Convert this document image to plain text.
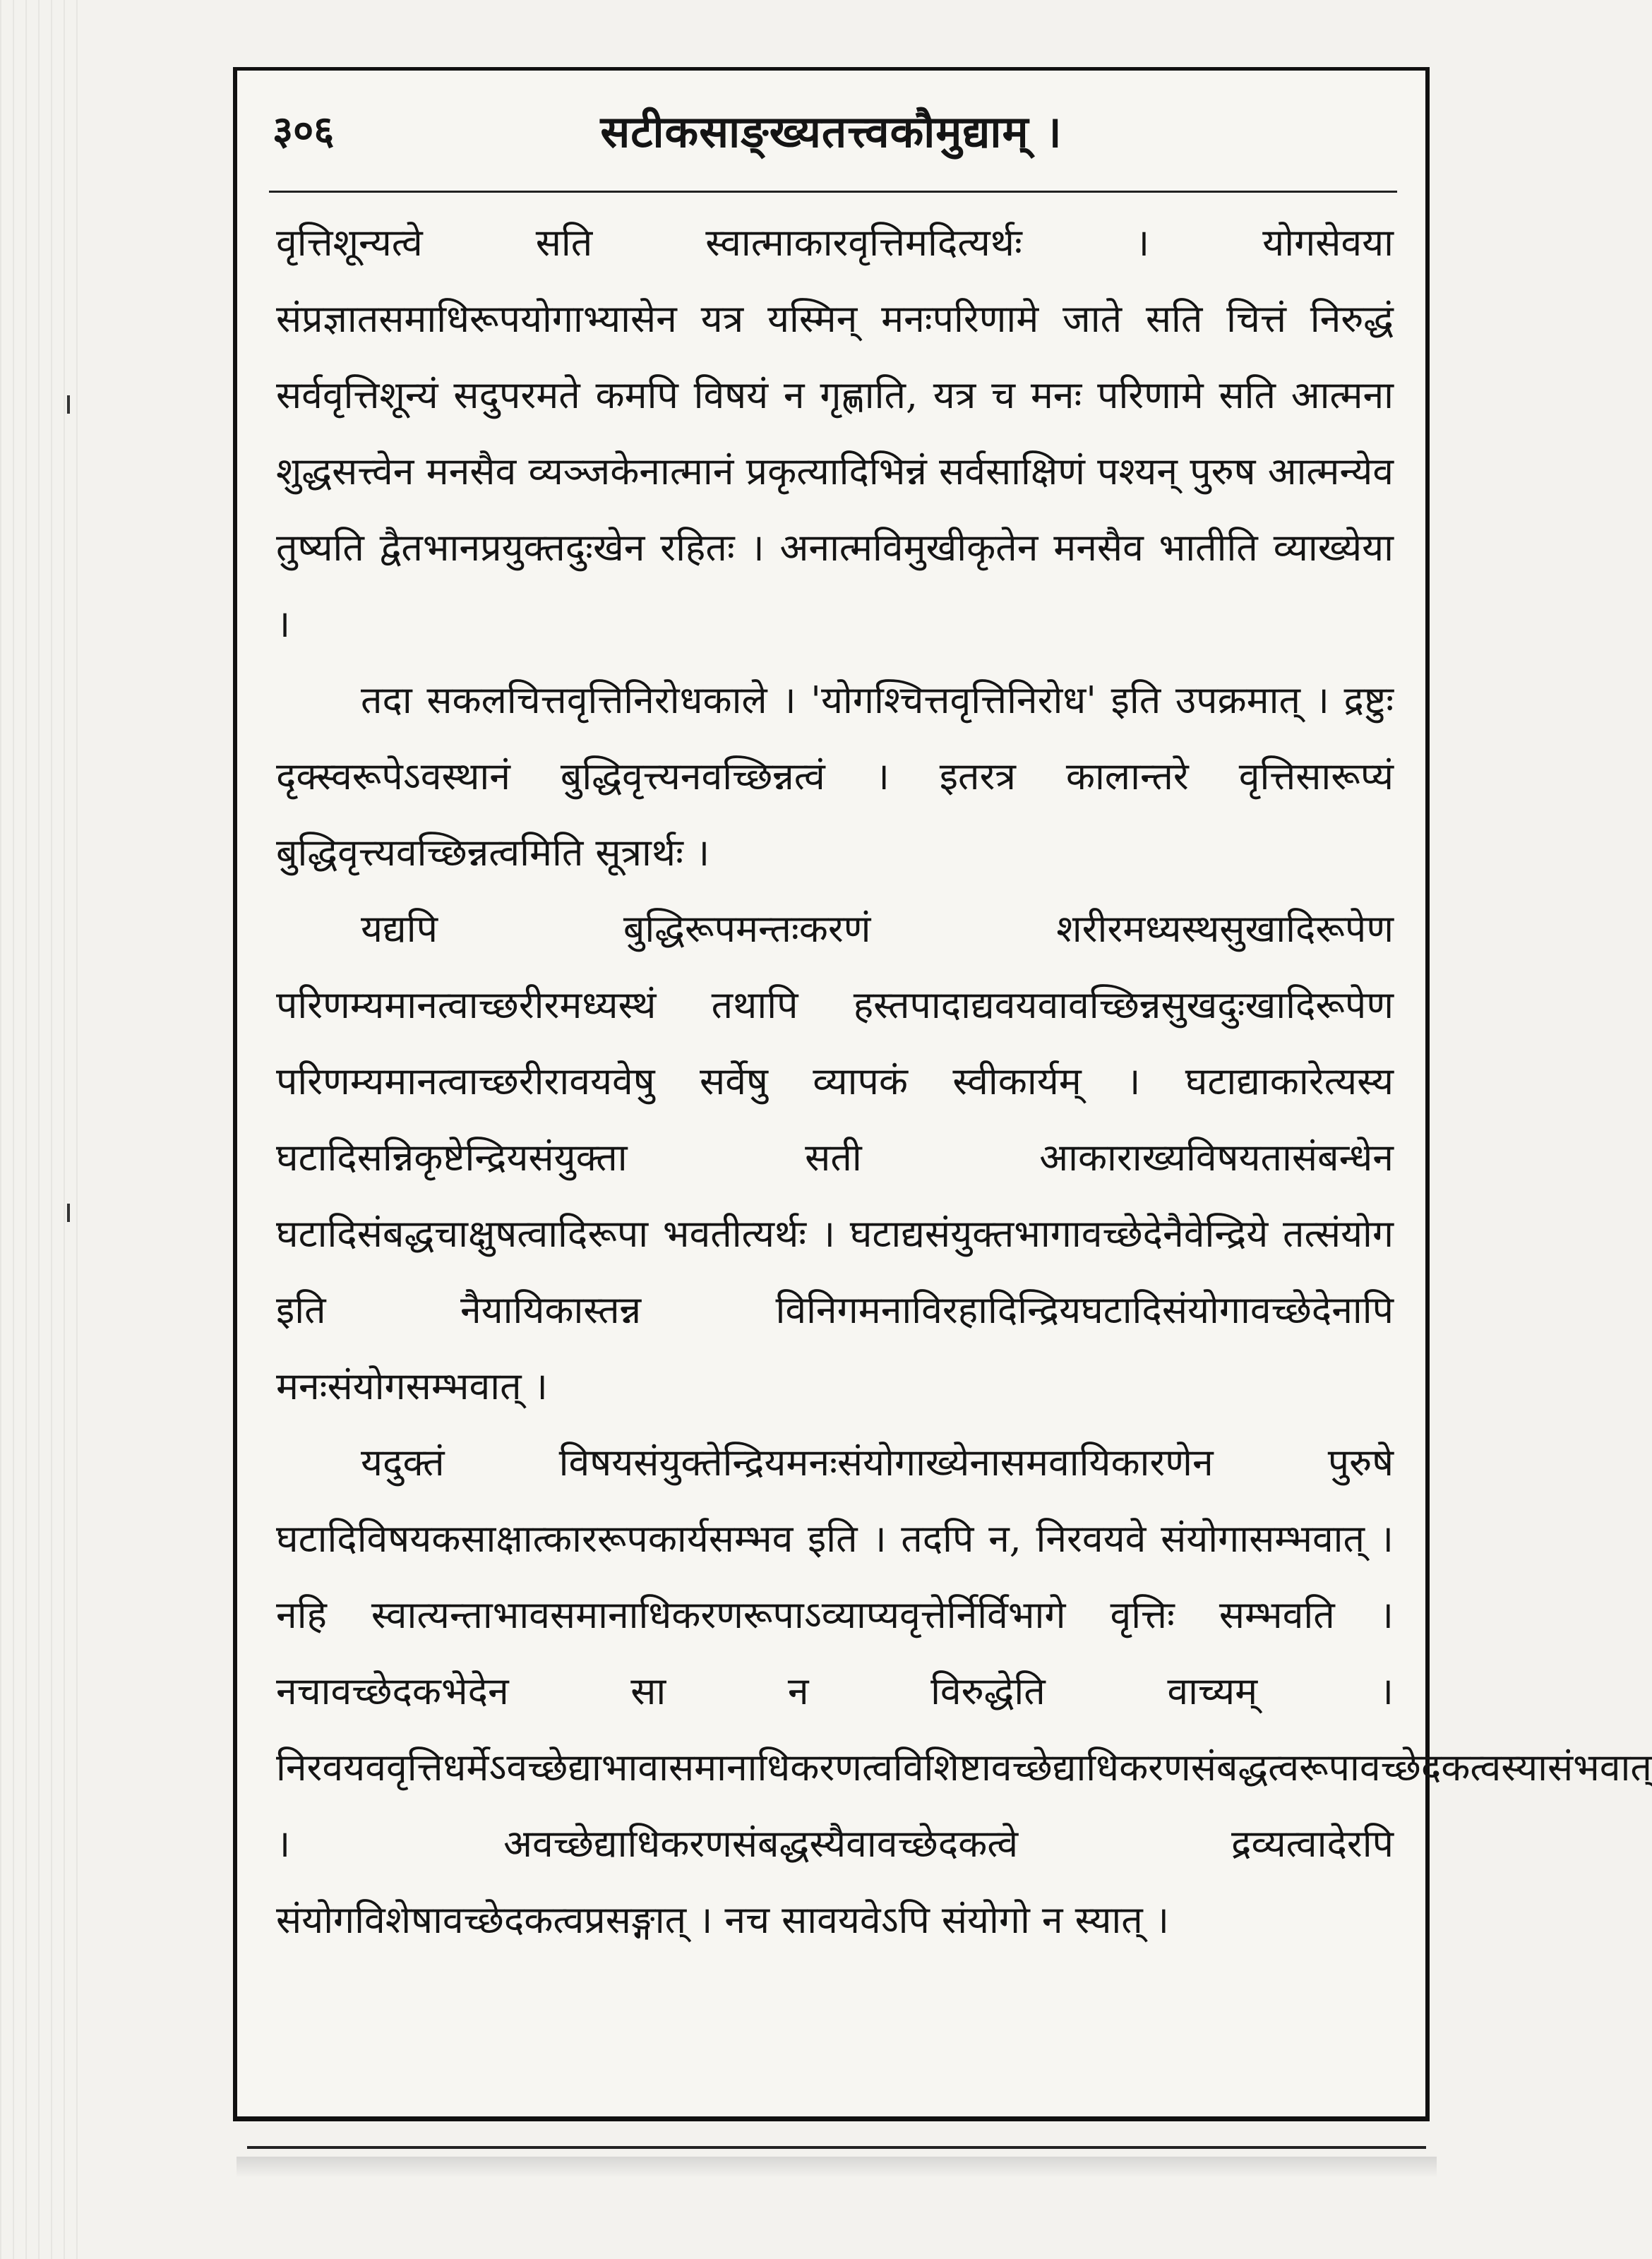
३०६	सटीकसाङ्ख्यतत्त्वकौमुद्याम् ।

वृत्तिशून्यत्वे सति स्वात्माकारवृत्तिमदित्यर्थः । योगसेवया संप्रज्ञातसमाधिरूपयोगाभ्यासेन यत्र यस्मिन् मनःपरिणामे जाते सति चित्तं निरुद्धं सर्ववृत्तिशून्यं सदुपरमते कमपि विषयं न गृह्णाति, यत्र च मनः परिणामे सति आत्मना शुद्धसत्त्वेन मनसैव व्यञ्जकेनात्मानं प्रकृत्यादिभिन्नं सर्वसाक्षिणं पश्यन् पुरुष आत्मन्येव तुष्यति द्वैतभानप्रयुक्तदुःखेन रहितः । अनात्मविमुखीकृतेन मनसैव भातीति व्याख्येया ।

तदा सकलचित्तवृत्तिनिरोधकाले । 'योगश्चित्तवृत्तिनिरोध' इति उपक्रमात् । द्रष्टुः दृक्स्वरूपेऽवस्थानं बुद्धिवृत्त्यनवच्छिन्नत्वं । इतरत्र कालान्तरे वृत्तिसारूप्यं बुद्धिवृत्त्यवच्छिन्नत्वमिति सूत्रार्थः ।

यद्यपि बुद्धिरूपमन्तःकरणं शरीरमध्यस्थसुखादिरूपेण परिणम्यमानत्वाच्छरीरमध्यस्थं तथापि हस्तपादाद्यवयवावच्छिन्नसुखदुःखादिरूपेण परिणम्यमानत्वाच्छरीरावयवेषु सर्वेषु व्यापकं स्वीकार्यम् । घटाद्याकारेत्यस्य घटादिसन्निकृष्टेन्द्रियसंयुक्ता सती आकाराख्यविषयतासंबन्धेन घटादिसंबद्धचाक्षुषत्वादिरूपा भवतीत्यर्थः । घटाद्यसंयुक्तभागावच्छेदेनैवेन्द्रिये तत्संयोग इति नैयायिकास्तन्न विनिगमनाविरहादिन्द्रियघटादिसंयोगावच्छेदेनापि मनःसंयोगसम्भवात् ।

यदुक्तं विषयसंयुक्तेन्द्रियमनःसंयोगाख्येनासमवायिकारणेन पुरुषे घटादिविषयकसाक्षात्काररूपकार्यसम्भव इति । तदपि न, निरवयवे संयोगासम्भवात् । नहि स्वात्यन्ताभावसमानाधिकरणरूपाऽव्याप्यवृत्तेर्निर्विभागे वृत्तिः सम्भवति । नचावच्छेदकभेदेन सा न विरुद्धेति वाच्यम् । निरवयववृत्तिधर्मेऽवच्छेद्याभावासमानाधिकरणत्वविशिष्टावच्छेद्याधिकरणसंबद्धत्वरूपावच्छेदकत्वस्यासंभवात् । अवच्छेद्याधिकरणसंबद्धस्यैवावच्छेदकत्वे द्रव्यत्वादेरपि संयोगविशेषावच्छेदकत्वप्रसङ्गात् । नच सावयवेऽपि संयोगो न स्यात् ।
